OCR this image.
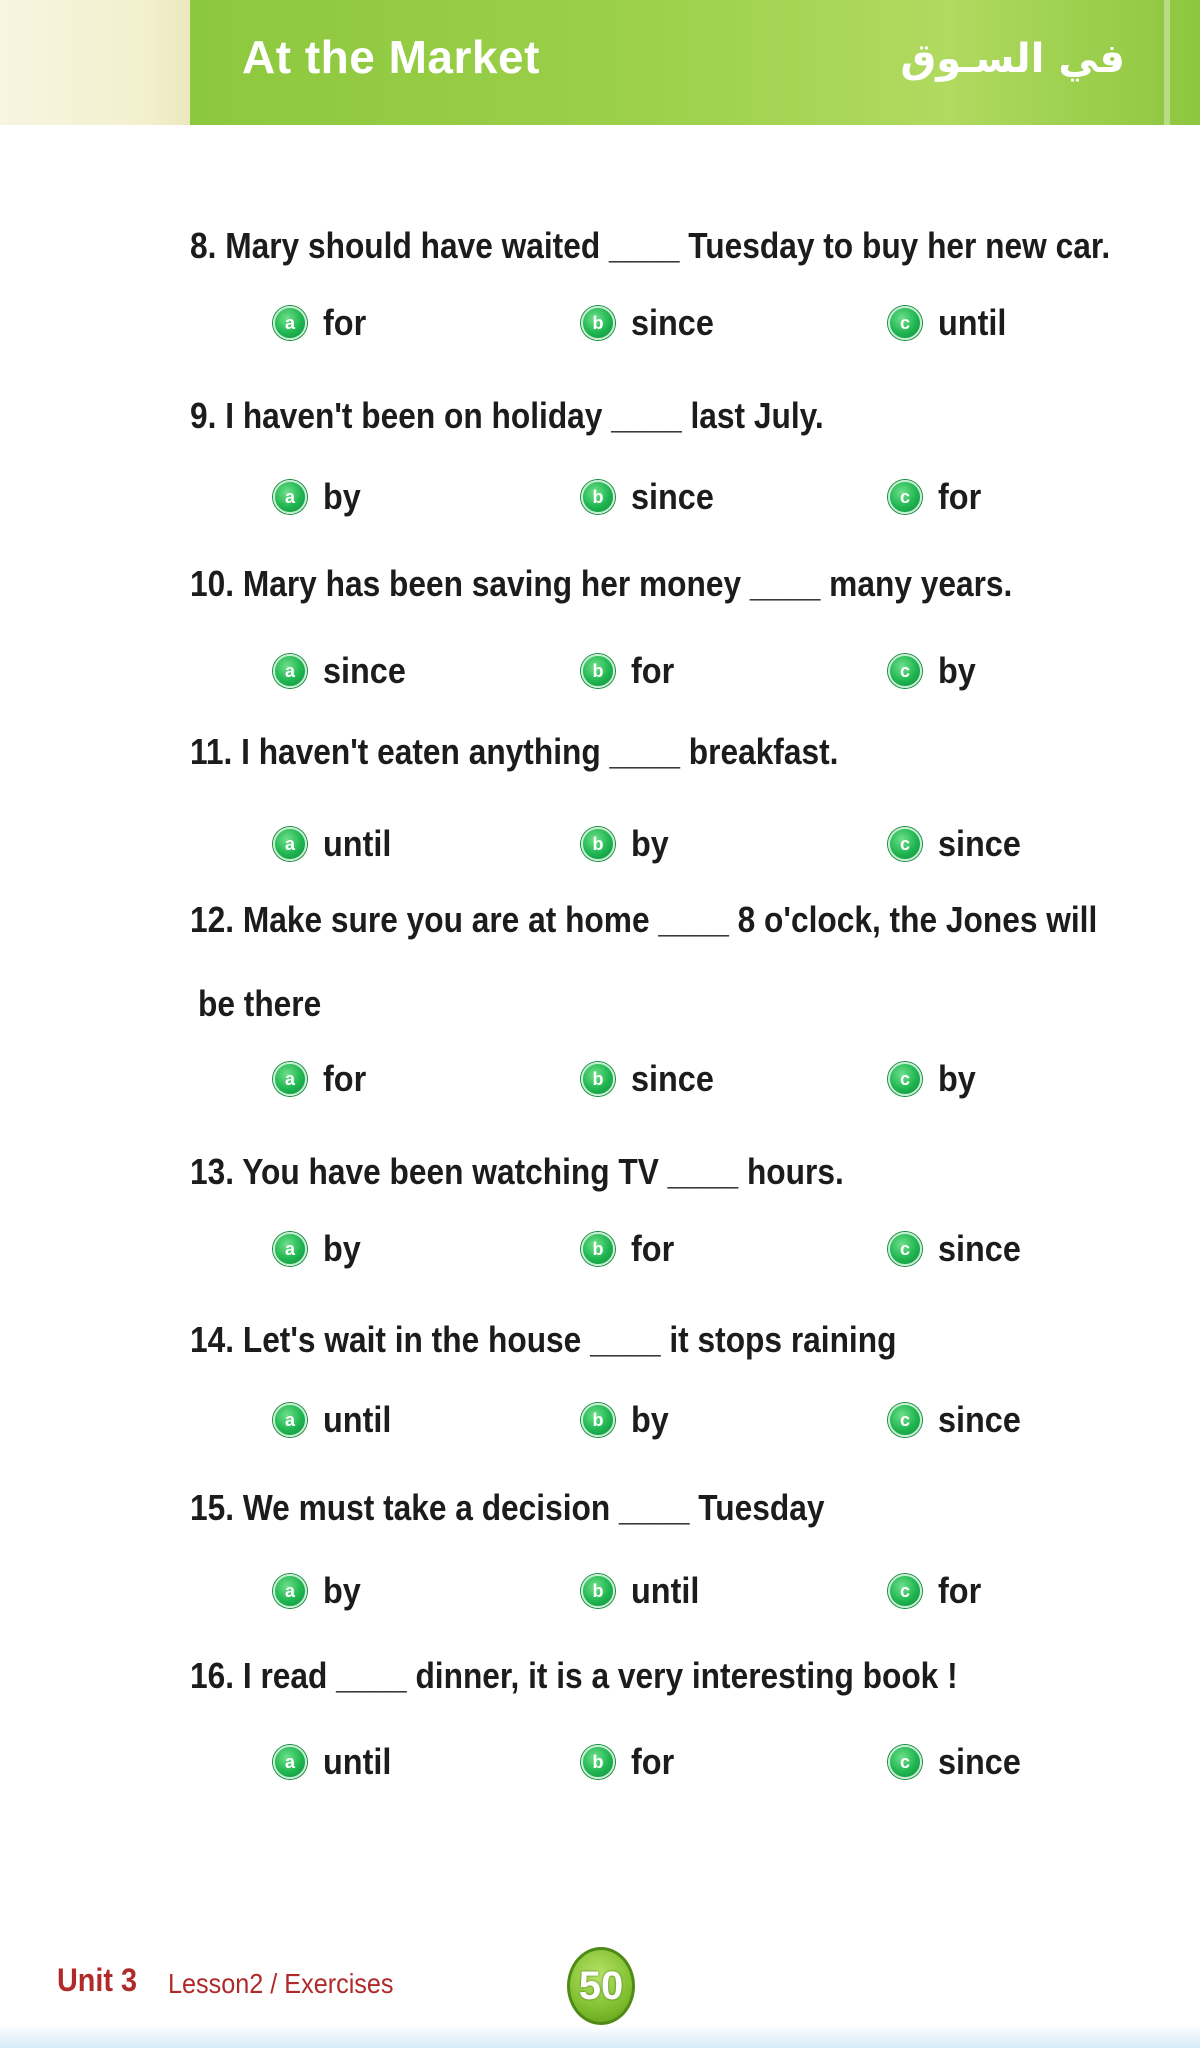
At the Market	في السـوق
8. Mary should have waited ____ Tuesday to buy her new car.
a for	b since	c until
9. I haven't been on holiday ____ last July.
a by	b since	c for
10. Mary has been saving her money ____ many years.
a since	b for	c by
11. I haven't eaten anything ____ breakfast.
a until	b by	c since
12. Make sure you are at home ____ 8 o'clock, the Jones will
be there
a for	b since	c by
13. You have been watching TV ____ hours.
a by	b for	c since
14. Let's wait in the house ____ it stops raining
a until	b by	c since
15. We must take a decision ____ Tuesday
a by	b until	c for
16. I read ____ dinner, it is a very interesting book !
a until	b for	c since
Unit 3 Lesson2 / Exercises	50
